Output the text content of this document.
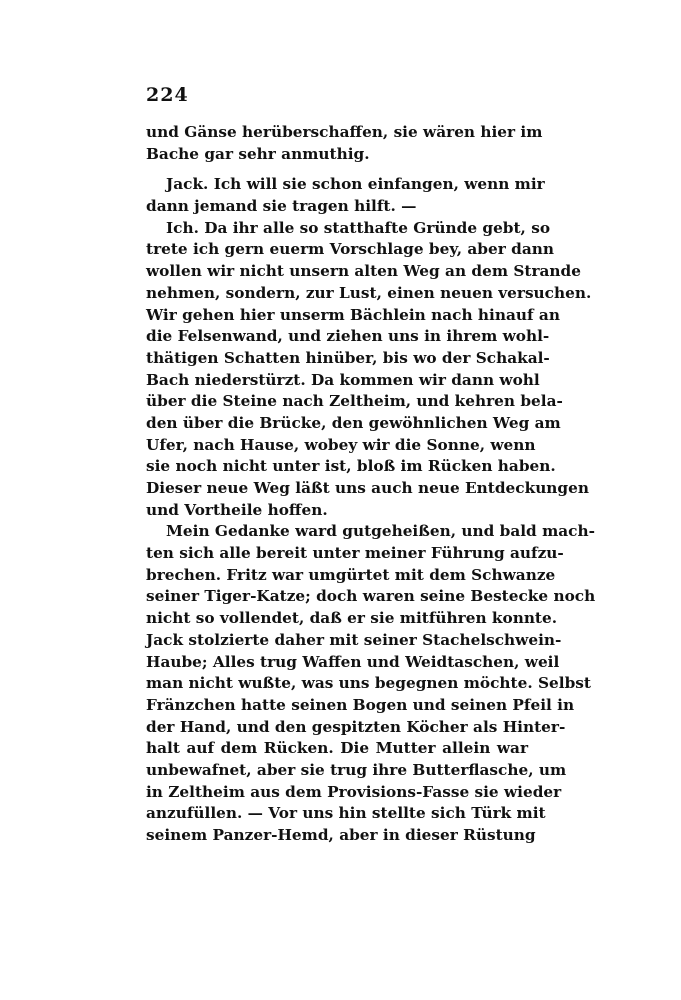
224
und Gänse herüberschaffen, sie wären hier im
Bache gar sehr anmuthig.
Jack. Ich will sie schon einfangen, wenn mir
dann jemand sie tragen hilft. —
Ich. Da ihr alle so statthafte Gründe gebt, so
trete ich gern euerm Vorschlage bey, aber dann
wollen wir nicht unsern alten Weg an dem Strande
nehmen, sondern, zur Lust, einen neuen versuchen.
Wir gehen hier unserm Bächlein nach hinauf an
die Felsenwand, und ziehen uns in ihrem wohl-
thätigen Schatten hinüber, bis wo der Schakal-
Bach niederstürzt. Da kommen wir dann wohl
über die Steine nach Zeltheim, und kehren bela-
den über die Brücke, den gewöhnlichen Weg am
Ufer, nach Hause, wobey wir die Sonne, wenn
sie noch nicht unter ist, bloß im Rücken haben.
Dieser neue Weg läßt uns auch neue Entdeckungen
und Vortheile hoffen.
Mein Gedanke ward gutgeheißen, und bald mach-
ten sich alle bereit unter meiner Führung aufzu-
brechen. Fritz war umgürtet mit dem Schwanze
seiner Tiger-Katze; doch waren seine Bestecke noch
nicht so vollendet, daß er sie mitführen konnte.
Jack stolzierte daher mit seiner Stachelschwein-
Haube; Alles trug Waffen und Weidtaschen, weil
man nicht wußte, was uns begegnen möchte. Selbst
Fränzchen hatte seinen Bogen und seinen Pfeil in
der Hand, und den gespitzten Köcher als Hinter-
halt auf dem Rücken. Die Mutter allein war
unbewafnet, aber sie trug ihre Butterflasche, um
in Zeltheim aus dem Provisions-Fasse sie wieder
anzufüllen. — Vor uns hin stellte sich Türk mit
seinem Panzer-Hemd, aber in dieser Rüstung
